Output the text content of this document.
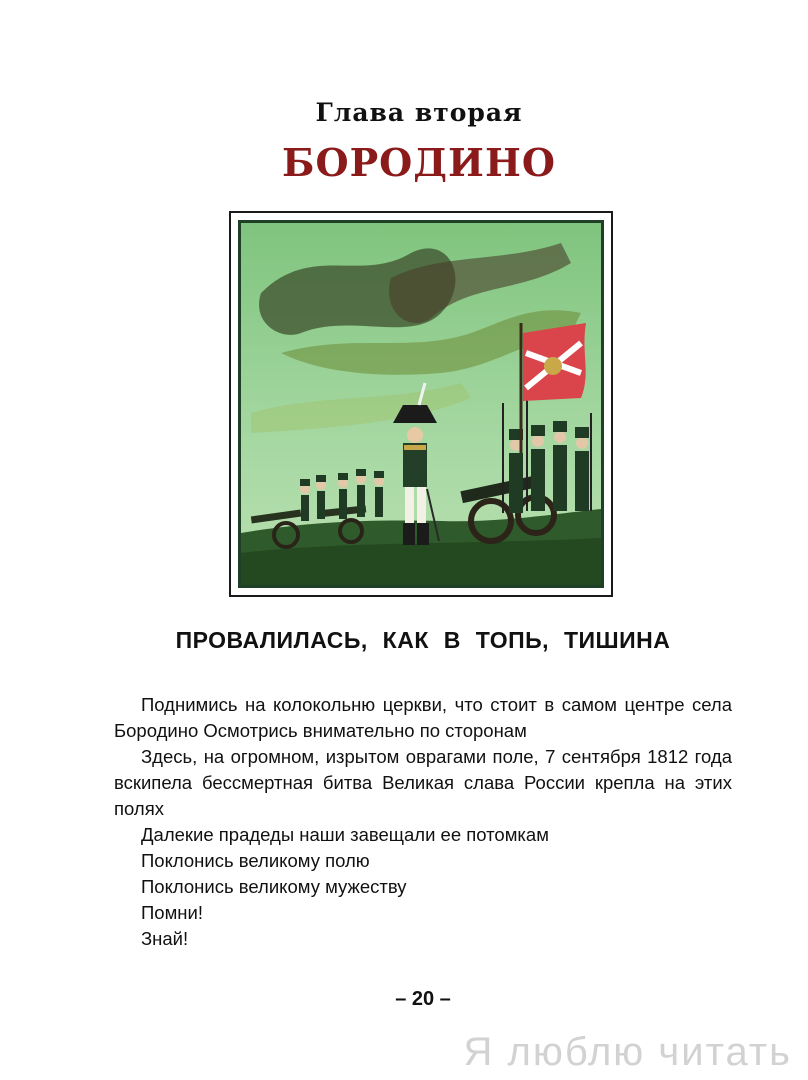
Глава вторая
БОРОДИНО
ПРОВАЛИЛАСЬ, КАК В ТОПЬ, ТИШИНА

Поднимись на колокольню церкви, что стоит в самом центре села Бородино Осмотрись внимательно по сторонам

Здесь, на огромном, изрытом оврагами поле, 7 сентября 1812 года вскипела бессмертная битва Великая слава России крепла на этих полях

Далекие прадеды наши завещали ее потомкам

Поклонись великому полю

Поклонись великому мужеству

Помни!

Знай!

– 20 –
Я люблю читать
